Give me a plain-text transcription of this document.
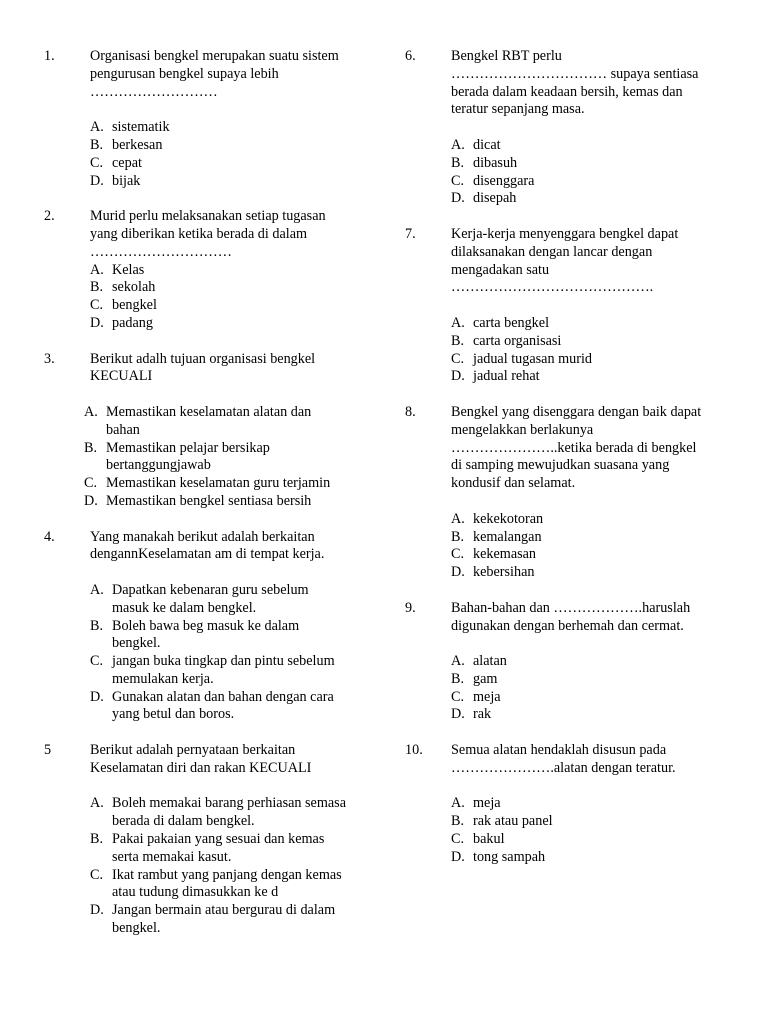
1. Organisasi bengkel merupakan suatu sistem
pengurusan bengkel supaya lebih
………………………
A. sistematik
B. berkesan
C. cepat
D. bijak
2. Murid perlu melaksanakan setiap tugasan
yang diberikan ketika berada di dalam
…………………………
A. Kelas
B. sekolah
C. bengkel
D. padang
3. Berikut adalh tujuan organisasi bengkel
KECUALI
A. Memastikan keselamatan alatan dan
bahan
B. Memastikan pelajar bersikap
bertanggungjawab
C. Memastikan keselamatan guru terjamin
D. Memastikan bengkel sentiasa bersih
4. Yang manakah berikut adalah berkaitan
dengannKeselamatan am di tempat kerja.
A. Dapatkan kebenaran guru sebelum
masuk ke dalam bengkel.
B. Boleh bawa beg masuk ke dalam
bengkel.
C. jangan buka tingkap dan pintu sebelum
memulakan kerja.
D. Gunakan alatan dan bahan dengan cara
yang betul dan boros.
5	Berikut adalah pernyataan berkaitan
Keselamatan diri dan rakan KECUALI
A. Boleh memakai barang perhiasan semasa
berada di dalam bengkel.
B. Pakai pakaian yang sesuai dan kemas
serta memakai kasut.
C. Ikat rambut yang panjang dengan kemas
atau tudung dimasukkan ke d
D. Jangan bermain atau bergurau di dalam
bengkel.
6. Bengkel RBT perlu
…………………………… supaya sentiasa
berada dalam keadaan bersih, kemas dan
teratur sepanjang masa.
A. dicat
B. dibasuh
C. disenggara
D. disepah
7. Kerja-kerja menyenggara bengkel dapat
dilaksanakan dengan lancar dengan
mengadakan satu
…………………………………….
A. carta bengkel
B. carta organisasi
C. jadual tugasan murid
D. jadual rehat
8. Bengkel yang disenggara dengan baik dapat
mengelakkan berlakunya
…………………..ketika berada di bengkel
di samping mewujudkan suasana yang
kondusif dan selamat.
A. kekekotoran
B. kemalangan
C. kekemasan
D. kebersihan
9. Bahan-bahan dan ……………….haruslah
digunakan dengan berhemah dan cermat.
A. alatan
B. gam
C. meja
D. rak
10. Semua alatan hendaklah disusun pada
………………….alatan dengan teratur.
A. meja
B. rak atau panel
C. bakul
D. tong sampah
